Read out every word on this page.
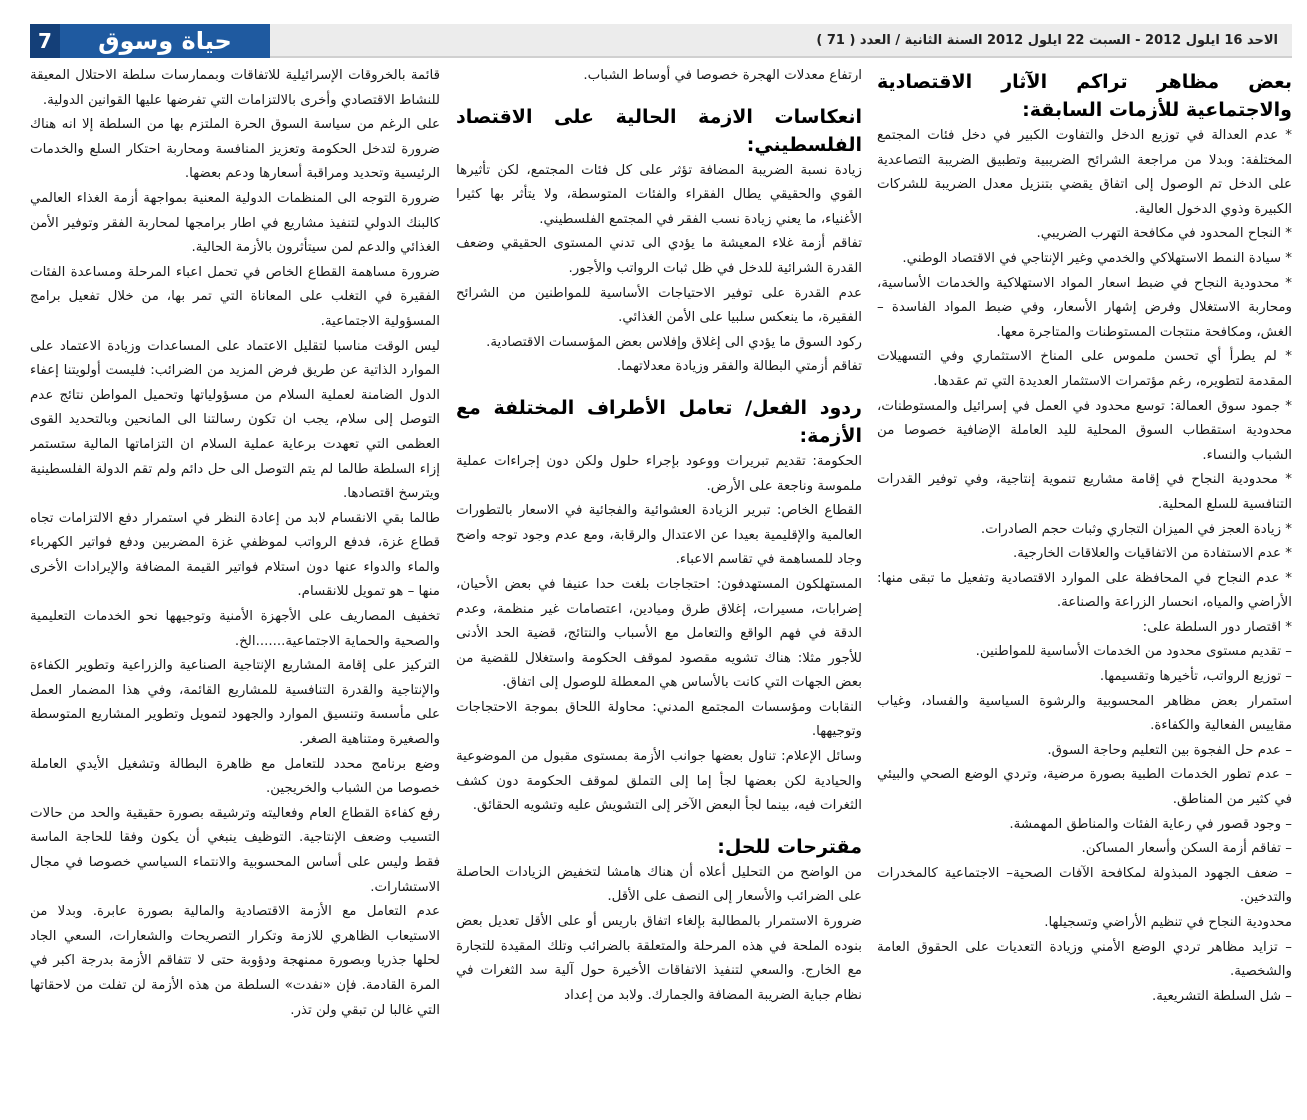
الاحد 16 ايلول 2012 - السبت 22 ايلول 2012 السنة الثانية / العدد ( 71 )
حياة وسوق
7
بعض مظاهر تراكم الآثار الاقتصادية والاجتماعية للأزمات السابقة:

* عدم العدالة في توزيع الدخل والتفاوت الكبير في دخل فئات المجتمع المختلفة: وبدلا من مراجعة الشرائح الضريبية وتطبيق الضريبة التصاعدية على الدخل تم الوصول إلى اتفاق يقضي بتنزيل معدل الضريبة للشركات الكبيرة وذوي الدخول العالية.

* النجاح المحدود في مكافحة التهرب الضريبي.

* سيادة النمط الاستهلاكي والخدمي وغير الإنتاجي في الاقتصاد الوطني.

* محدودية النجاح في ضبط اسعار المواد الاستهلاكية والخدمات الأساسية، ومحاربة الاستغلال وفرض إشهار الأسعار، وفي ضبط المواد الفاسدة – الغش، ومكافحة منتجات المستوطنات والمتاجرة معها.

* لم يطرأ أي تحسن ملموس على المناخ الاستثماري وفي التسهيلات المقدمة لتطويره، رغم مؤتمرات الاستثمار العديدة التي تم عقدها.

* جمود سوق العمالة: توسع محدود في العمل في إسرائيل والمستوطنات، محدودية استقطاب السوق المحلية لليد العاملة الإضافية خصوصا من الشباب والنساء.

* محدودية النجاح في إقامة مشاريع تنموية إنتاجية، وفي توفير القدرات التنافسية للسلع المحلية.

* زيادة العجز في الميزان التجاري وثبات حجم الصادرات.

* عدم الاستفادة من الاتفاقيات والعلاقات الخارجية.

* عدم النجاح في المحافظة على الموارد الاقتصادية وتفعيل ما تبقى منها: الأراضي والمياه، انحسار الزراعة والصناعة.

* اقتصار دور السلطة على:

– تقديم مستوى محدود من الخدمات الأساسية للمواطنين.

– توزيع الرواتب، تأخيرها وتقسيمها.

استمرار بعض مظاهر المحسوبية والرشوة السياسية والفساد، وغياب مقاييس الفعالية والكفاءة.

– عدم حل الفجوة بين التعليم وحاجة السوق.

– عدم تطور الخدمات الطبية بصورة مرضية، وتردي الوضع الصحي والبيئي في كثير من المناطق.

– وجود قصور في رعاية الفئات والمناطق المهمشة.

– تفاقم أزمة السكن وأسعار المساكن.

– ضعف الجهود المبذولة لمكافحة الآفات الصحية– الاجتماعية كالمخدرات والتدخين.

محدودية النجاح في تنظيم الأراضي وتسجيلها.

– تزايد مظاهر تردي الوضع الأمني وزيادة التعديات على الحقوق العامة والشخصية.

– شل السلطة التشريعية.

ارتفاع معدلات الهجرة خصوصا في أوساط الشباب.

انعكاسات الازمة الحالية على الاقتصاد الفلسطيني:

زيادة نسبة الضريبة المضافة تؤثر على كل فئات المجتمع، لكن تأثيرها القوي والحقيقي يطال الفقراء والفئات المتوسطة، ولا يتأثر بها كثيرا الأغنياء، ما يعني زيادة نسب الفقر في المجتمع الفلسطيني.

تفاقم أزمة غلاء المعيشة ما يؤدي الى تدني المستوى الحقيقي وضعف القدرة الشرائية للدخل في ظل ثبات الرواتب والأجور.

عدم القدرة على توفير الاحتياجات الأساسية للمواطنين من الشرائح الفقيرة، ما ينعكس سلبيا على الأمن الغذائي.

ركود السوق ما يؤدي الى إغلاق وإفلاس بعض المؤسسات الاقتصادية.

تفاقم أزمتي البطالة والفقر وزيادة معدلاتهما.

ردود الفعل/ تعامل الأطراف المختلفة مع الأزمة:

الحكومة: تقديم تبريرات ووعود بإجراء حلول ولكن دون إجراءات عملية ملموسة وناجعة على الأرض.

القطاع الخاص: تبرير الزيادة العشوائية والفجائية في الاسعار بالتطورات العالمية والإقليمية بعيدا عن الاعتدال والرقابة، ومع عدم وجود توجه واضح وجاد للمساهمة في تقاسم الاعباء.

المستهلكون المستهدفون: احتجاجات بلغت حدا عنيفا في بعض الأحيان، إضرابات، مسيرات، إغلاق طرق وميادين، اعتصامات غير منظمة، وعدم الدقة في فهم الواقع والتعامل مع الأسباب والنتائج، قضية الحد الأدنى للأجور مثلا: هناك تشويه مقصود لموقف الحكومة واستغلال للقضية من بعض الجهات التي كانت بالأساس هي المعطلة للوصول إلى اتفاق.

النقابات ومؤسسات المجتمع المدني: محاولة اللحاق بموجة الاحتجاجات وتوجيهها.

وسائل الإعلام: تناول بعضها جوانب الأزمة بمستوى مقبول من الموضوعية والحيادية لكن بعضها لجأ إما إلى التملق لموقف الحكومة دون كشف الثغرات فيه، بينما لجأ البعض الآخر إلى التشويش عليه وتشويه الحقائق.

مقترحات للحل:

من الواضح من التحليل أعلاه أن هناك هامشا لتخفيض الزيادات الحاصلة على الضرائب والأسعار إلى النصف على الأقل.

ضرورة الاستمرار بالمطالبة بإلغاء اتفاق باريس أو على الأقل تعديل بعض بنوده الملحة في هذه المرحلة والمتعلقة بالضرائب وتلك المقيدة للتجارة مع الخارج. والسعي لتنفيذ الاتفاقات الأخيرة حول آلية سد الثغرات في نظام جباية الضريبة المضافة والجمارك. ولابد من إعداد

قائمة بالخروقات الإسرائيلية للاتفاقات وبممارسات سلطة الاحتلال المعيقة للنشاط الاقتصادي وأخرى بالالتزامات التي تفرضها عليها القوانين الدولية.

على الرغم من سياسة السوق الحرة الملتزم بها من السلطة إلا انه هناك ضرورة لتدخل الحكومة وتعزيز المنافسة ومحاربة احتكار السلع والخدمات الرئيسية وتحديد ومراقبة أسعارها ودعم بعضها.

ضرورة التوجه الى المنظمات الدولية المعنية بمواجهة أزمة الغذاء العالمي كالبنك الدولي لتنفيذ مشاريع في اطار برامجها لمحاربة الفقر وتوفير الأمن الغذائي والدعم لمن سيتأثرون بالأزمة الحالية.

ضرورة مساهمة القطاع الخاص في تحمل اعباء المرحلة ومساعدة الفئات الفقيرة في التغلب على المعاناة التي تمر بها، من خلال تفعيل برامج المسؤولية الاجتماعية.

ليس الوقت مناسبا لتقليل الاعتماد على المساعدات وزيادة الاعتماد على الموارد الذاتية عن طريق فرض المزيد من الضرائب: فليست أولويتنا إعفاء الدول الضامنة لعملية السلام من مسؤولياتها وتحميل المواطن نتائج عدم التوصل إلى سلام، يجب ان تكون رسالتنا الى المانحين وبالتحديد القوى العظمى التي تعهدت برعاية عملية السلام ان التزاماتها المالية ستستمر إزاء السلطة طالما لم يتم التوصل الى حل دائم ولم تقم الدولة الفلسطينية ويترسخ اقتصادها.

طالما بقي الانقسام لابد من إعادة النظر في استمرار دفع الالتزامات تجاه قطاع غزة، فدفع الرواتب لموظفي غزة المضربين ودفع فواتير الكهرباء والماء والدواء عنها دون استلام فواتير القيمة المضافة والإيرادات الأخرى منها – هو تمويل للانقسام.

تخفيف المصاريف على الأجهزة الأمنية وتوجيهها نحو الخدمات التعليمية والصحية والحماية الاجتماعية.......الخ.

التركيز على إقامة المشاريع الإنتاجية الصناعية والزراعية وتطوير الكفاءة والإنتاجية والقدرة التنافسية للمشاريع القائمة، وفي هذا المضمار العمل على مأسسة وتنسيق الموارد والجهود لتمويل وتطوير المشاريع المتوسطة والصغيرة ومتناهية الصغر.

وضع برنامج محدد للتعامل مع ظاهرة البطالة وتشغيل الأيدي العاملة خصوصا من الشباب والخريجين.

رفع كفاءة القطاع العام وفعاليته وترشيقه بصورة حقيقية والحد من حالات التسيب وضعف الإنتاجية. التوظيف ينبغي أن يكون وفقا للحاجة الماسة فقط وليس على أساس المحسوبية والانتماء السياسي خصوصا في مجال الاستشارات.

عدم التعامل مع الأزمة الاقتصادية والمالية بصورة عابرة. وبدلا من الاستيعاب الظاهري للازمة وتكرار التصريحات والشعارات، السعي الجاد لحلها جذريا وبصورة ممنهجة ودؤوبة حتى لا تتفاقم الأزمة بدرجة اكبر في المرة القادمة. فإن «نفدت» السلطة من هذه الأزمة لن تفلت من لاحقاتها التي غالبا لن تبقي ولن تذر.
